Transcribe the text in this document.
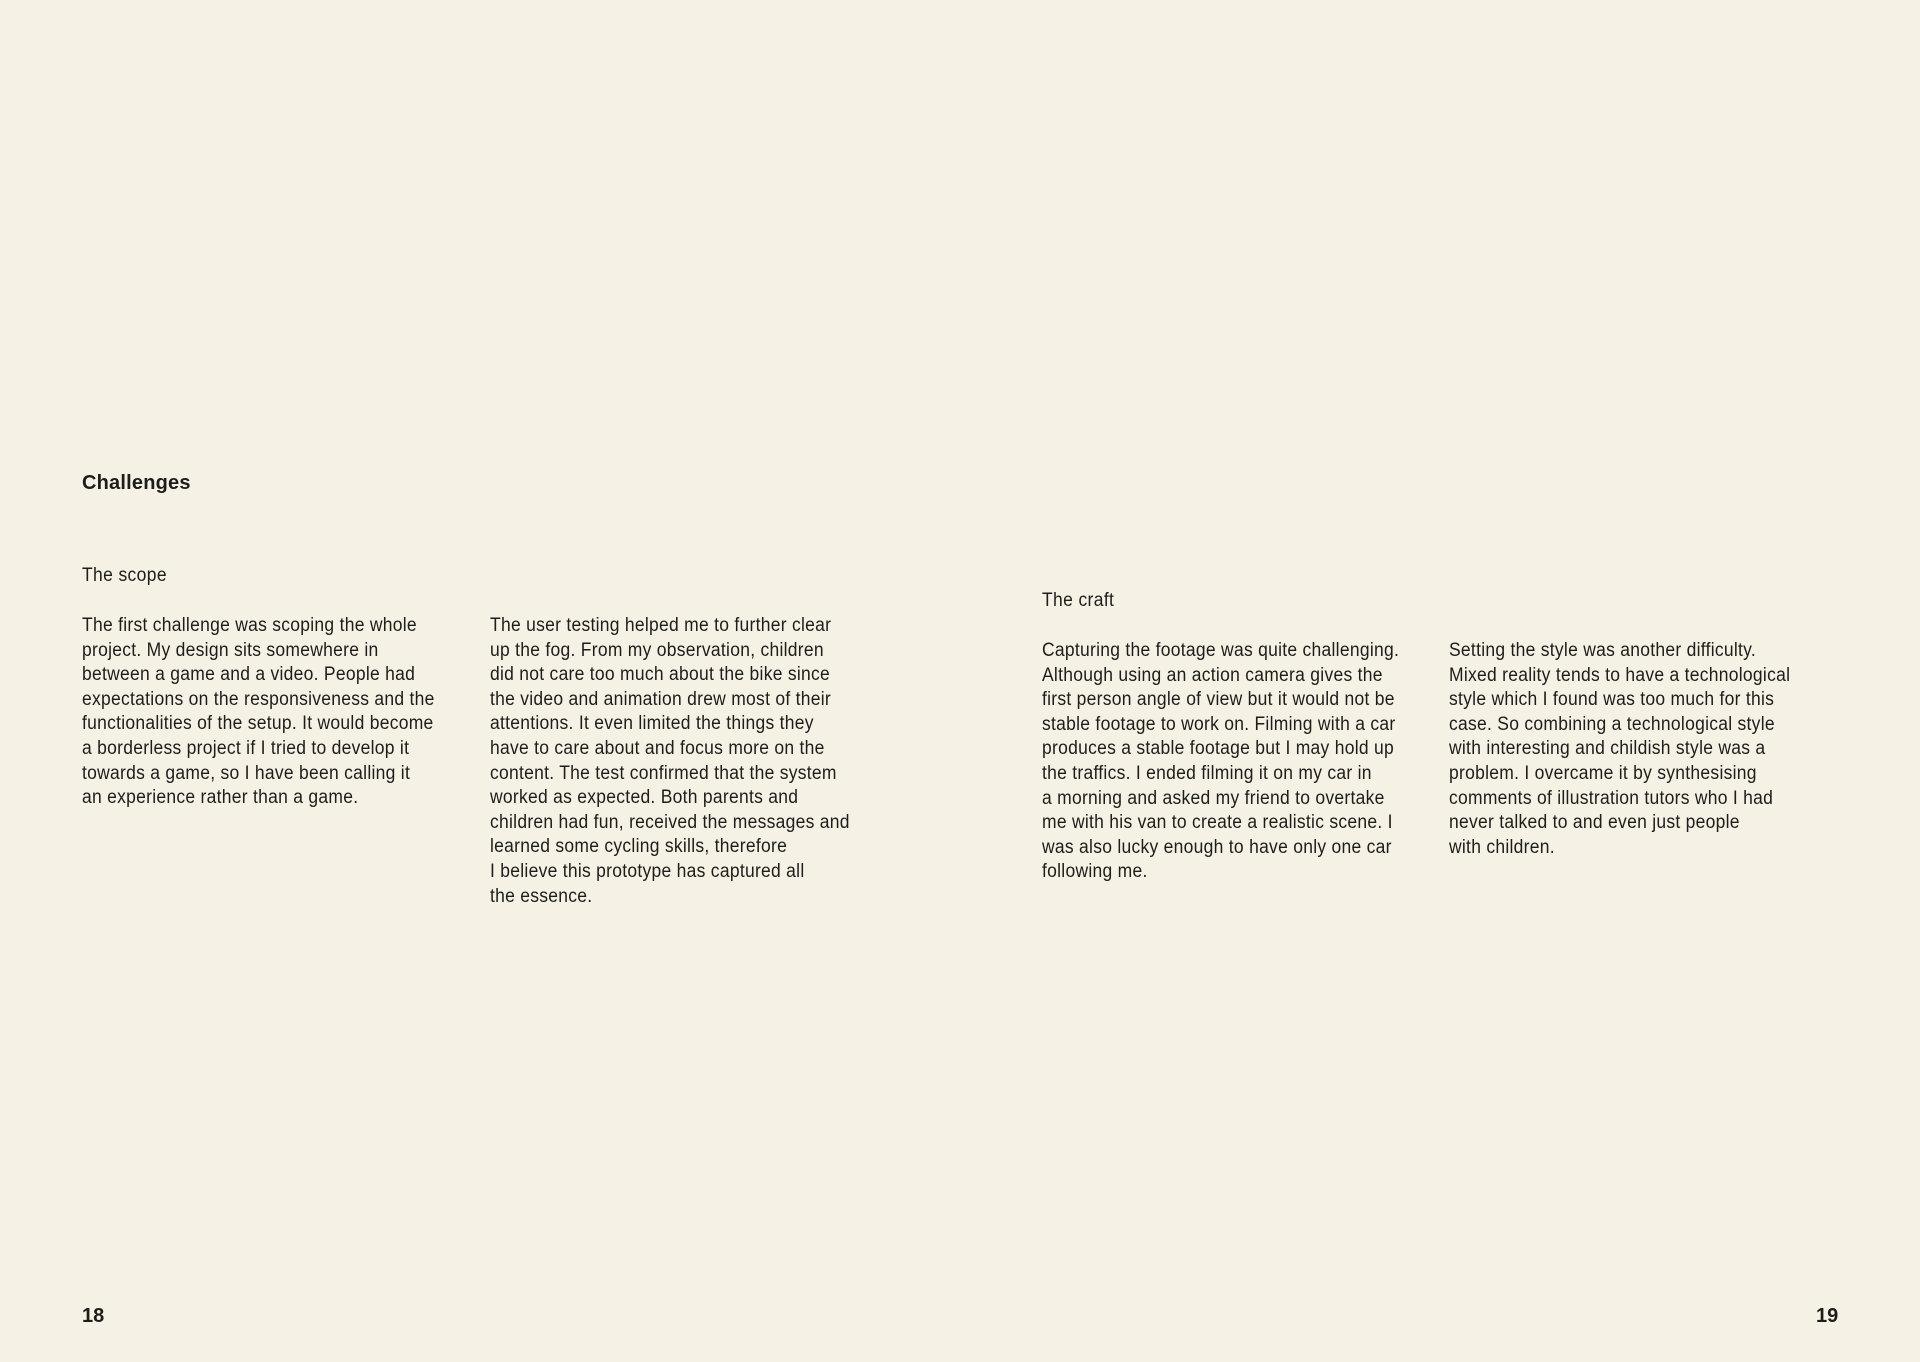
Challenges
The scope

The first challenge was scoping the whole
project. My design sits somewhere in
between a game and a video. People had
expectations on the responsiveness and the
functionalities of the setup. It would become
a borderless project if I tried to develop it
towards a game, so I have been calling it
an experience rather than a game.

The user testing helped me to further clear
up the fog. From my observation, children
did not care too much about the bike since
the video and animation drew most of their
attentions. It even limited the things they
have to care about and focus more on the
content. The test confirmed that the system
worked as expected. Both parents and
children had fun, received the messages and
learned some cycling skills, therefore
I believe this prototype has captured all
the essence.

The craft

Capturing the footage was quite challenging.
Although using an action camera gives the
first person angle of view but it would not be
stable footage to work on. Filming with a car
produces a stable footage but I may hold up
the traffics. I ended filming it on my car in
a morning and asked my friend to overtake
me with his van to create a realistic scene. I
was also lucky enough to have only one car
following me.

Setting the style was another difficulty.
Mixed reality tends to have a technological
style which I found was too much for this
case. So combining a technological style
with interesting and childish style was a
problem. I overcame it by synthesising
comments of illustration tutors who I had
never talked to and even just people
with children.

18	19
